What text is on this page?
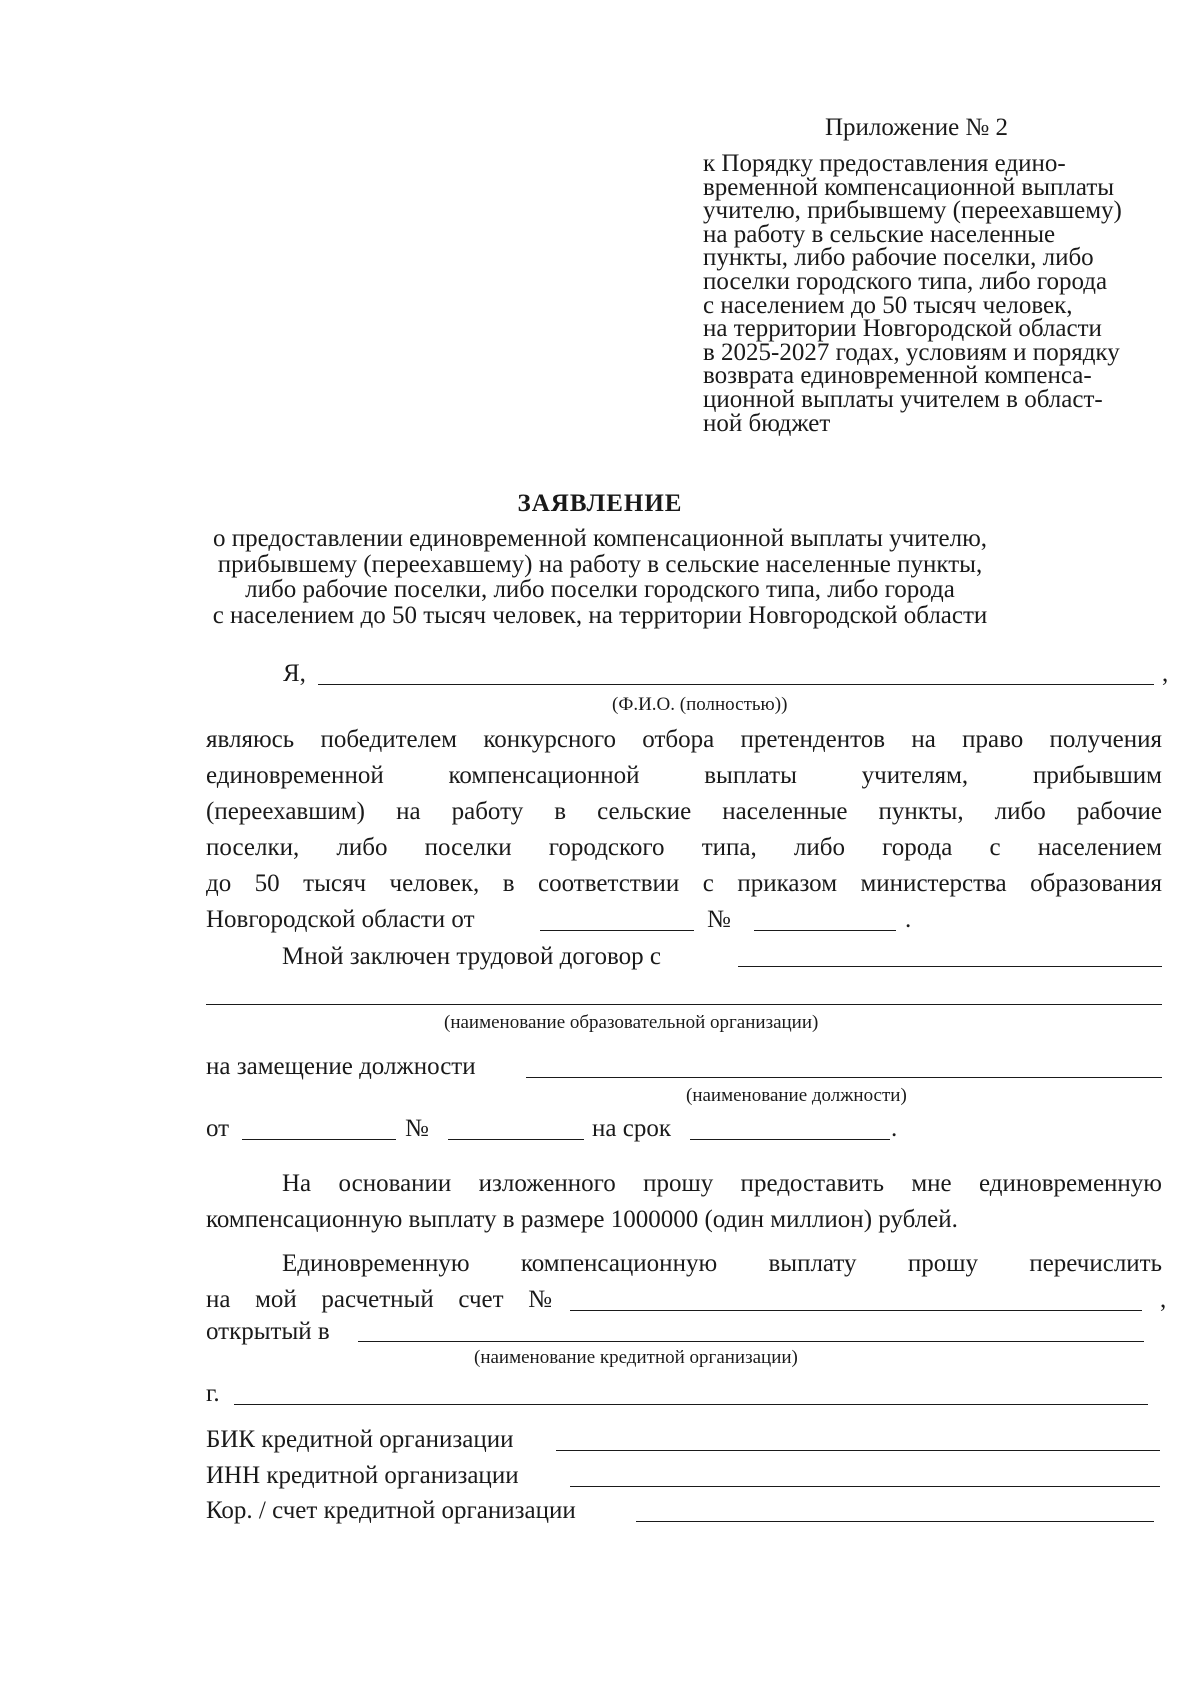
Приложение № 2
к Порядку предоставления едино-
временной компенсационной выплаты
учителю, прибывшему (переехавшему)
на работу в сельские населенные
пункты, либо рабочие поселки, либо
поселки городского типа, либо города
с населением до 50 тысяч человек,
на территории Новгородской области
в 2025-2027 годах, условиям и порядку
возврата единовременной компенса-
ционной выплаты учителем в област-
ной бюджет
ЗАЯВЛЕНИЕ
о предоставлении единовременной компенсационной выплаты учителю,
прибывшему (переехавшему) на работу в сельские населенные пункты,
либо рабочие поселки, либо поселки городского типа, либо города
с населением до 50 тысяч человек, на территории Новгородской области
Я,	,
(Ф.И.О. (полностью))
являюсь победителем конкурсного отбора претендентов на право получения
единовременной компенсационной выплаты учителям, прибывшим
(переехавшим) на работу в сельские населенные пункты, либо рабочие
поселки, либо поселки городского типа, либо города с населением
до 50 тысяч человек, в соответствии с приказом министерства образования
Новгородской области от	№	.
Мной заключен трудовой договор с
(наименование образовательной организации)
на замещение должности
(наименование должности)
от	№	на срок	.
На основании изложенного прошу предоставить мне единовременную
компенсационную выплату в размере 1000000 (один миллион) рублей.
Единовременную компенсационную выплату прошу перечислить
на мой расчетный счет №	,
открытый в
(наименование кредитной организации)
г.
БИК кредитной организации
ИНН кредитной организации
Кор. / счет кредитной организации
